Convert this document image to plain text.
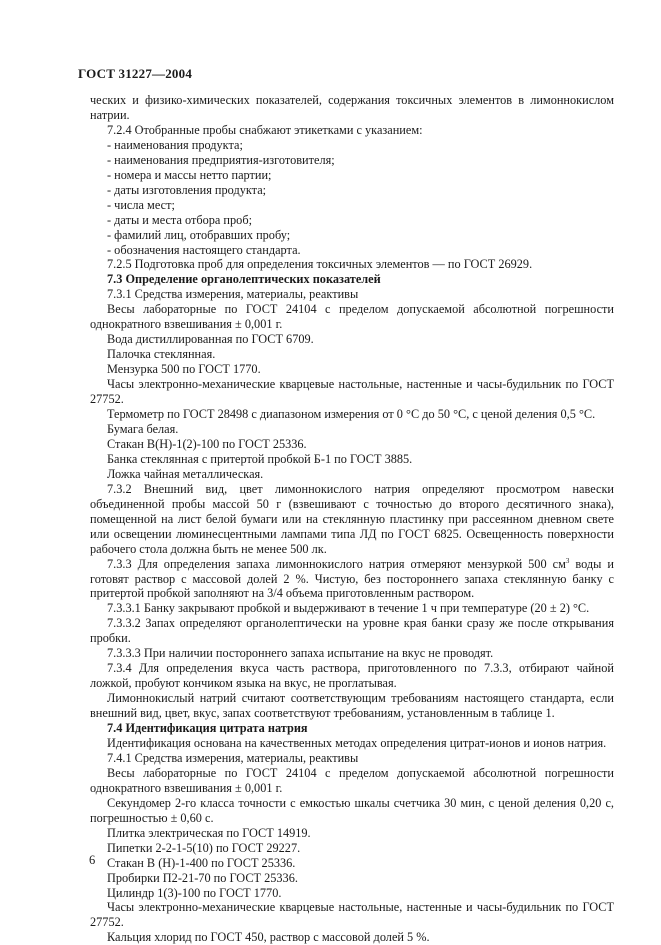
ГОСТ 31227—2004

ческих и физико-химических показателей, содержания токсичных элементов в лимоннокислом натрии.

7.2.4 Отобранные пробы снабжают этикетками с указанием:

- наименования продукта;

- наименования предприятия-изготовителя;

- номера и массы нетто партии;

- даты изготовления продукта;

- числа мест;

- даты и места отбора проб;

- фамилий лиц, отобравших пробу;

- обозначения настоящего стандарта.

7.2.5 Подготовка проб для определения токсичных элементов — по ГОСТ 26929.

7.3 Определение органолептических показателей

7.3.1 Средства измерения, материалы, реактивы

Весы лабораторные по ГОСТ 24104 с пределом допускаемой абсолютной погрешности однократного взвешивания ± 0,001 г.

Вода дистиллированная по ГОСТ 6709.

Палочка стеклянная.

Мензурка 500 по ГОСТ 1770.

Часы электронно-механические кварцевые настольные, настенные и часы-будильник по ГОСТ 27752.

Термометр по ГОСТ 28498 с диапазоном измерения от 0 °С до 50 °С, с ценой деления 0,5 °С.

Бумага белая.

Стакан В(Н)-1(2)-100 по ГОСТ 25336.

Банка стеклянная с притертой пробкой Б-1 по ГОСТ 3885.

Ложка чайная металлическая.

7.3.2 Внешний вид, цвет лимоннокислого натрия определяют просмотром навески объединенной пробы массой 50 г (взвешивают с точностью до второго десятичного знака), помещенной на лист белой бумаги или на стеклянную пластинку при рассеянном дневном свете или освещении люминесцентными лампами типа ЛД по ГОСТ 6825. Освещенность поверхности рабочего стола должна быть не менее 500 лк.

7.3.3 Для определения запаха лимоннокислого натрия отмеряют мензуркой 500 $см^3$ воды и готовят раствор с массовой долей 2 %. Чистую, без постороннего запаха стеклянную банку с притертой пробкой заполняют на 3/4 объема приготовленным раствором.

7.3.3.1 Банку закрывают пробкой и выдерживают в течение 1 ч при температуре (20 ± 2) °С.

7.3.3.2 Запах определяют органолептически на уровне края банки сразу же после открывания пробки.

7.3.3.3 При наличии постороннего запаха испытание на вкус не проводят.

7.3.4 Для определения вкуса часть раствора, приготовленного по 7.3.3, отбирают чайной ложкой, пробуют кончиком языка на вкус, не проглатывая.

Лимоннокислый натрий считают соответствующим требованиям настоящего стандарта, если внешний вид, цвет, вкус, запах соответствуют требованиям, установленным в таблице 1.

7.4 Идентификация цитрата натрия

Идентификация основана на качественных методах определения цитрат-ионов и ионов натрия.

7.4.1 Средства измерения, материалы, реактивы

Весы лабораторные по ГОСТ 24104 с пределом допускаемой абсолютной погрешности однократного взвешивания ± 0,001 г.

Секундомер 2-го класса точности с емкостью шкалы счетчика 30 мин, с ценой деления 0,20 с, погрешностью ± 0,60 с.

Плитка электрическая по ГОСТ 14919.

Пипетки 2-2-1-5(10) по ГОСТ 29227.

Стакан В (Н)-1-400 по ГОСТ 25336.

Пробирки П2-21-70 по ГОСТ 25336.

Цилиндр 1(3)-100 по ГОСТ 1770.

Часы электронно-механические кварцевые настольные, настенные и часы-будильник по ГОСТ 27752.

Кальция хлорид по ГОСТ 450, раствор с массовой долей 5 %.

6
